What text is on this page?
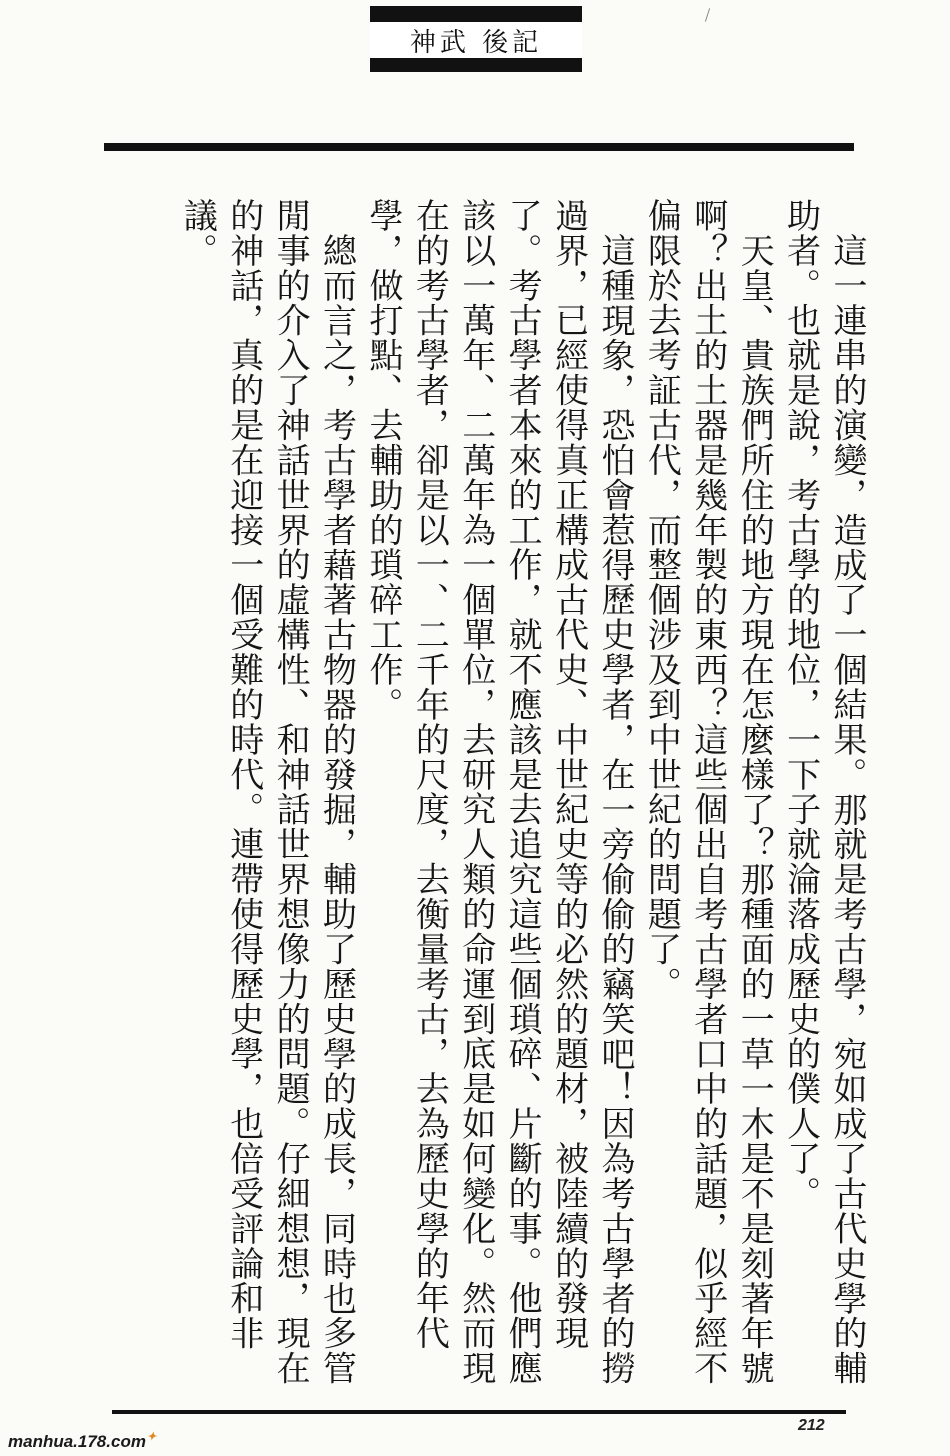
神武 後記

這一連串的演變，造成了一個結果。那就是考古學，宛如成了古代史學的輔助者。也就是說，考古學的地位，一下子就淪落成歷史的僕人了。

天皇、貴族們所住的地方現在怎麼樣了？那種面的一草一木是不是刻著年號啊？出土的土器是幾年製的東西？這些個出自考古學者口中的話題，似乎經不偏限於去考証古代，而整個涉及到中世紀的問題了。

這種現象，恐怕會惹得歷史學者，在一旁偷偷的竊笑吧！因為考古學者的撈過界，已經使得真正構成古代史、中世紀史等的必然的題材，被陸續的發現了。考古學者本來的工作，就不應該是去追究這些個瑣碎、片斷的事。他們應該以一萬年、二萬年為一個單位，去研究人類的命運到底是如何變化。然而現在的考古學者，卻是以一、二千年的尺度，去衡量考古，去為歷史學的年代學，做打點、去輔助的瑣碎工作。

總而言之，考古學者藉著古物器的發掘，輔助了歷史學的成長，同時也多管閒事的介入了神話世界的虛構性、和神話世界想像力的問題。仔細想想，現在的神話，真的是在迎接一個受難的時代。連帶使得歷史學，也倍受評論和非議。

212
manhua.178.com ✦
